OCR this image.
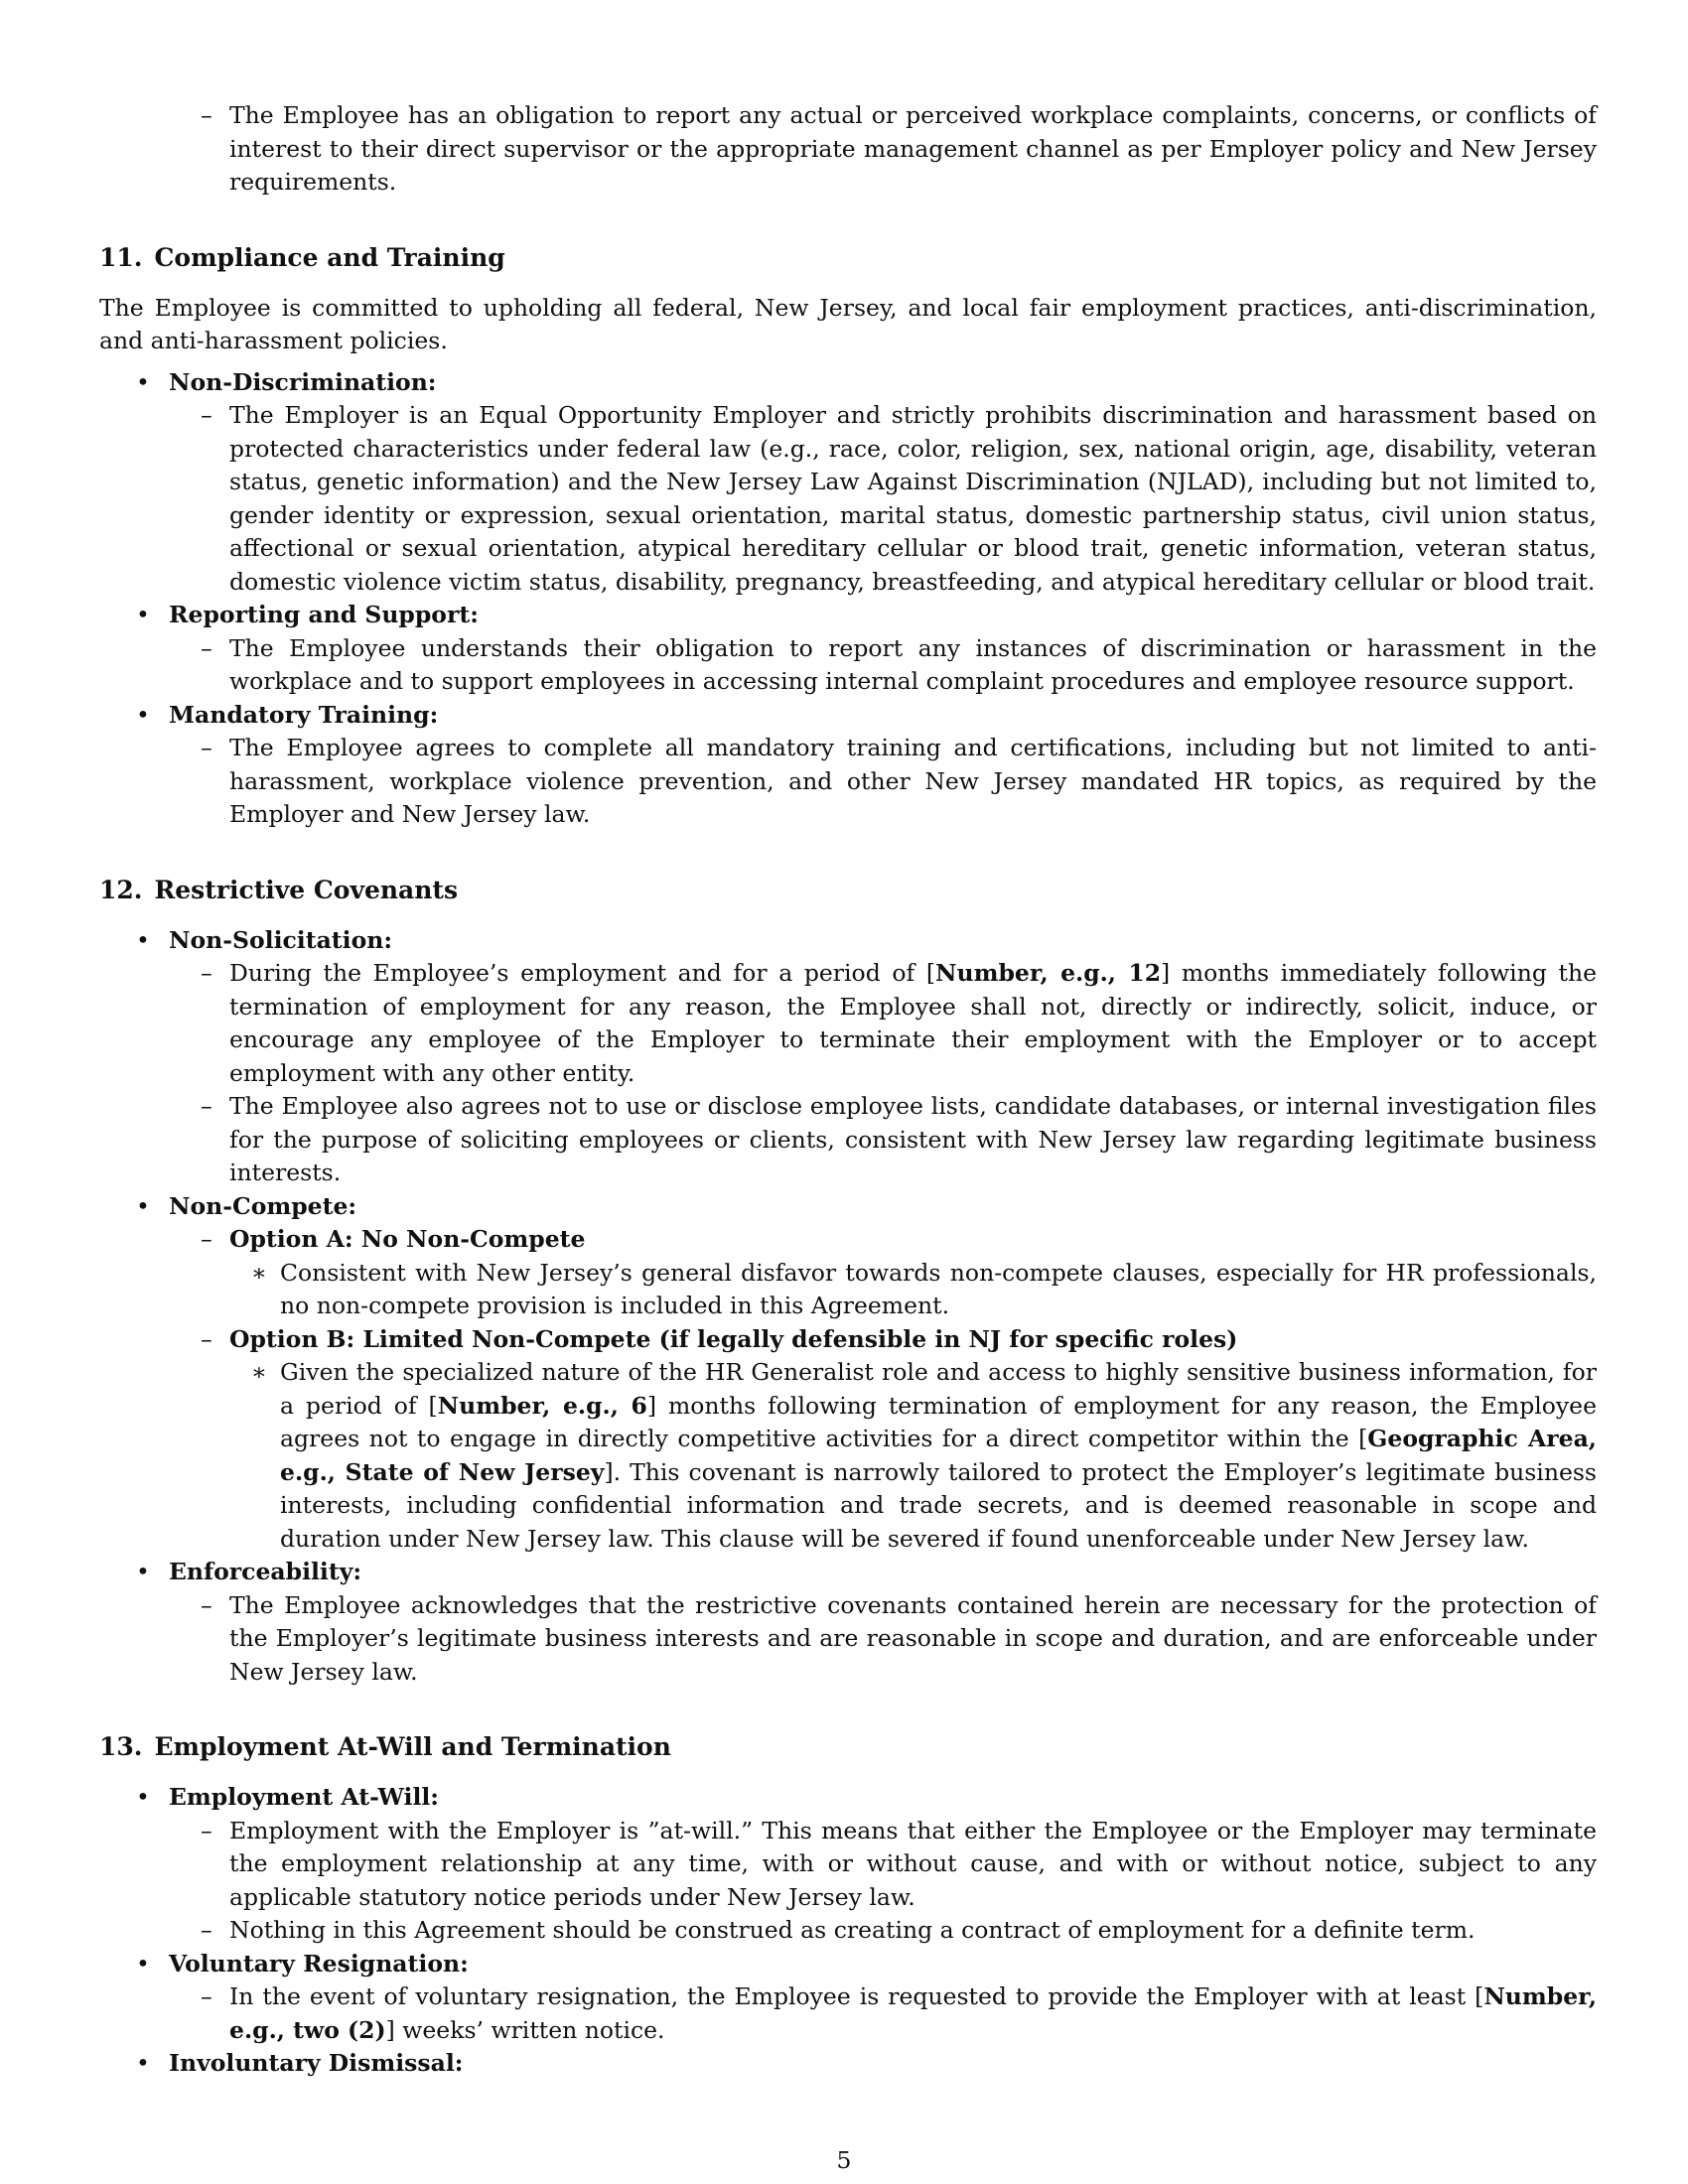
– The Employee has an obligation to report any actual or perceived workplace complaints, concerns, or conflicts of interest to their direct supervisor or the appropriate management channel as per Employer policy and New Jersey requirements.
11. Compliance and Training

The Employee is committed to upholding all federal, New Jersey, and local fair employment practices, anti-discrimination, and anti-harassment policies.

• Non-Discrimination:
– The Employer is an Equal Opportunity Employer and strictly prohibits discrimination and harassment based on protected characteristics under federal law (e.g., race, color, religion, sex, national origin, age, disability, veteran status, genetic information) and the New Jersey Law Against Discrimination (NJLAD), including but not limited to, gender identity or expression, sexual orientation, marital status, domestic partnership status, civil union status, affectional or sexual orientation, atypical hereditary cellular or blood trait, genetic information, veteran status, domestic violence victim status, disability, pregnancy, breastfeeding, and atypical hereditary cellular or blood trait.
• Reporting and Support:
– The Employee understands their obligation to report any instances of discrimination or harassment in the workplace and to support employees in accessing internal complaint procedures and employee resource support.
• Mandatory Training:
– The Employee agrees to complete all mandatory training and certifications, including but not limited to anti-harassment, workplace violence prevention, and other New Jersey mandated HR topics, as required by the Employer and New Jersey law.
12. Restrictive Covenants
• Non-Solicitation:
– During the Employee’s employment and for a period of [Number, e.g., 12] months immediately following the termination of employment for any reason, the Employee shall not, directly or indirectly, solicit, induce, or encourage any employee of the Employer to terminate their employment with the Employer or to accept employment with any other entity.
– The Employee also agrees not to use or disclose employee lists, candidate databases, or internal investigation files for the purpose of soliciting employees or clients, consistent with New Jersey law regarding legitimate business interests.
• Non-Compete:
– Option A: No Non-Compete
∗ Consistent with New Jersey’s general disfavor towards non-compete clauses, especially for HR professionals, no non-compete provision is included in this Agreement.
– Option B: Limited Non-Compete (if legally defensible in NJ for specific roles)
∗ Given the specialized nature of the HR Generalist role and access to highly sensitive business information, for a period of [Number, e.g., 6] months following termination of employment for any reason, the Employee agrees not to engage in directly competitive activities for a direct competitor within the [Geographic Area, e.g., State of New Jersey]. This covenant is narrowly tailored to protect the Employer’s legitimate business interests, including confidential information and trade secrets, and is deemed reasonable in scope and duration under New Jersey law. This clause will be severed if found unenforceable under New Jersey law.
• Enforceability:
– The Employee acknowledges that the restrictive covenants contained herein are necessary for the protection of the Employer’s legitimate business interests and are reasonable in scope and duration, and are enforceable under New Jersey law.
13. Employment At-Will and Termination
• Employment At-Will:
– Employment with the Employer is ”at-will.” This means that either the Employee or the Employer may terminate the employment relationship at any time, with or without cause, and with or without notice, subject to any applicable statutory notice periods under New Jersey law.
– Nothing in this Agreement should be construed as creating a contract of employment for a definite term.
• Voluntary Resignation:
– In the event of voluntary resignation, the Employee is requested to provide the Employer with at least [Number, e.g., two (2)] weeks’ written notice.
• Involuntary Dismissal:
5
